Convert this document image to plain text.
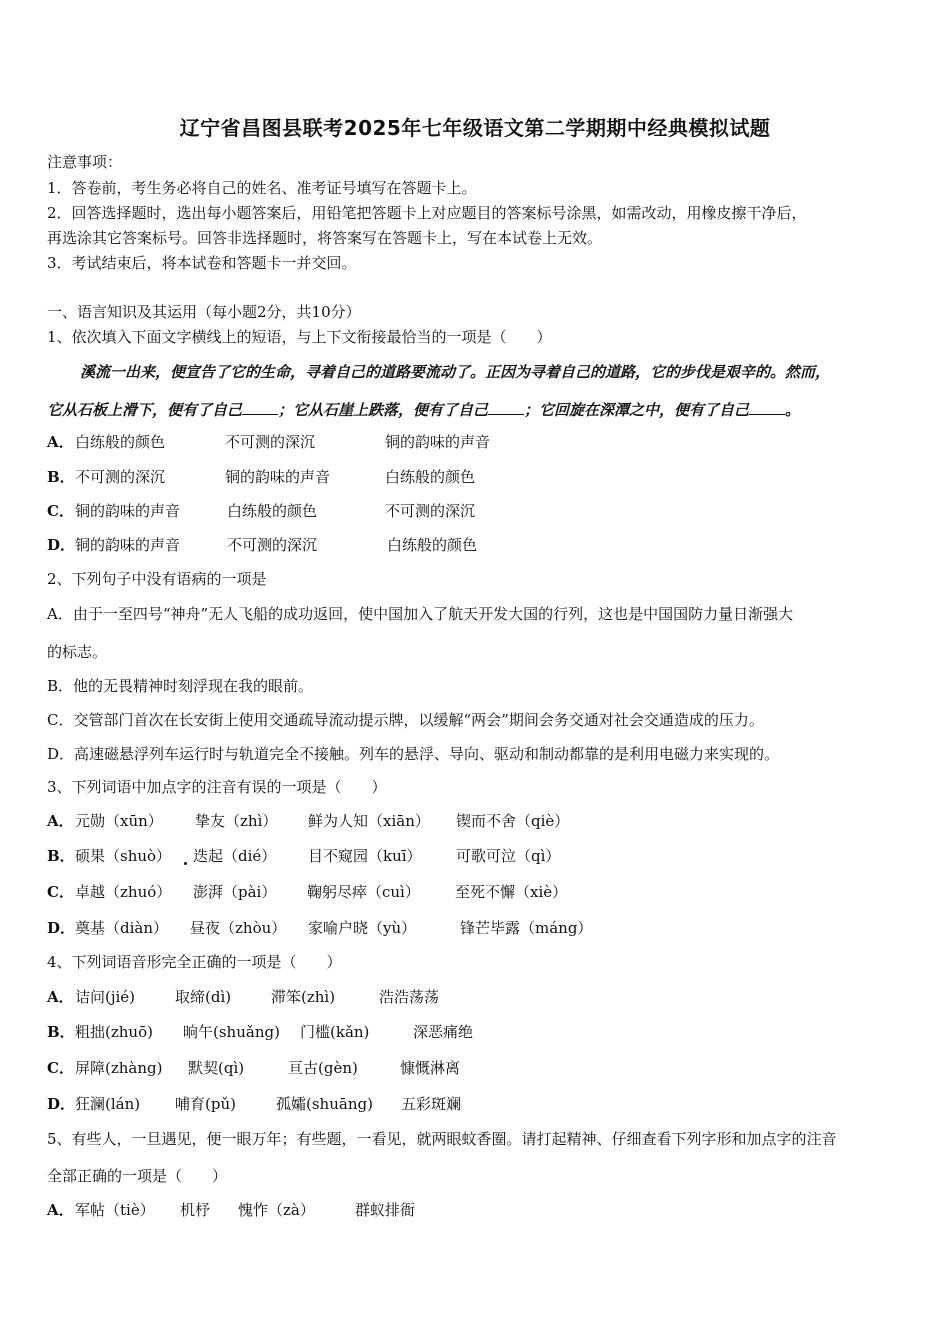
辽宁省昌图县联考2025年七年级语文第二学期期中经典模拟试题
注意事项：
1．答卷前，考生务必将自己的姓名、准考证号填写在答题卡上。
2．回答选择题时，选出每小题答案后，用铅笔把答题卡上对应题目的答案标号涂黑，如需改动，用橡皮擦干净后，
再选涂其它答案标号。回答非选择题时，将答案写在答题卡上，写在本试卷上无效。
3．考试结束后，将本试卷和答题卡一并交回。
一、语言知识及其运用（每小题2分，共10分）
1、依次填入下面文字横线上的短语，与上下文衔接最恰当的一项是（　　）
溪流一出来，便宣告了它的生命，寻着自己的道路要流动了。正因为寻着自己的道路，它的步伐是艰辛的。然而，
它从石板上滑下，便有了自己 ；它从石崖上跌落，便有了自己 ；它回旋在深潭之中，便有了自己 。
A．白练般的颜色	不可测的深沉	铜的韵味的声音
B．不可测的深沉	铜的韵味的声音	白练般的颜色
C．铜的韵味的声音	白练般的颜色	不可测的深沉
D．铜的韵味的声音	不可测的深沉	白练般的颜色
2、下列句子中没有语病的一项是
A．由于一至四号“神舟”无人飞船的成功返回，使中国加入了航天开发大国的行列，这也是中国国防力量日渐强大
的标志。
B．他的无畏精神时刻浮现在我的眼前。
C．交管部门首次在长安街上使用交通疏导流动提示牌，以缓解“两会”期间会务交通对社会交通造成的压力。
D．高速磁悬浮列车运行时与轨道完全不接触。列车的悬浮、导向、驱动和制动都靠的是利用电磁力来实现的。
3、下列词语中加点字的注音有误的一项是（　　）
A．元勋（xūn） 挚友（zhì） 鲜为人知（xiān） 锲而不舍（qiè）
B．硕果（shuò） 迭起（dié） 目不窥园（kuī） 可歌可泣（qì）
C．卓越（zhuó） 澎湃（pài） 鞠躬尽瘁（cuì） 至死不懈（xiè）
D．奠基（diàn） 昼夜（zhòu） 家喻户晓（yù）	锋芒毕露（máng）
4、下列词语音形完全正确的一项是（　　）
A．诘问(jié)	取缔(dì)	滞笨(zhì)	浩浩荡荡
B．粗拙(zhuō) 晌午(shuǎng) 门槛(kǎn)	深恶痛绝
C．屏障(zhàng) 默契(qì)	亘古(gèn)	慷慨淋离
D．狂澜(lán) 哺育(pǔ)	孤孀(shuāng) 五彩斑斓
5、有些人，一旦遇见，便一眼万年；有些题，一看见，就两眼蚊香圈。请打起精神、仔细查看下列字形和加点字的注音
全部正确的一项是（　　）
A．军帖（tiè） 机杼 愧怍（zà）	群蚁排衙
